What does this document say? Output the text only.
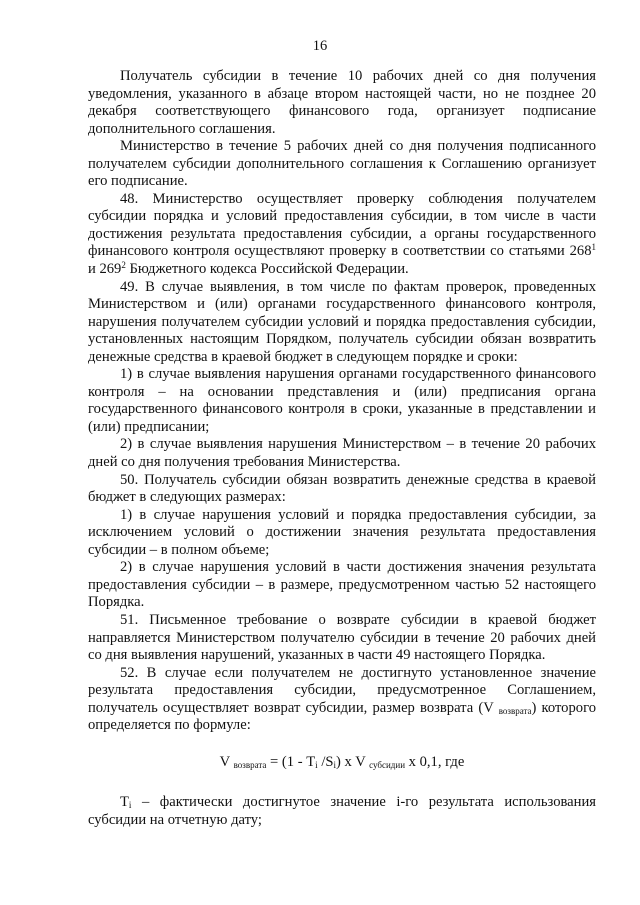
16

Получатель субсидии в течение 10 рабочих дней со дня получения уведомления, указанного в абзаце втором настоящей части, но не позднее 20 декабря соответствующего финансового года, организует подписание дополнительного соглашения.

Министерство в течение 5 рабочих дней со дня получения подписанного получателем субсидии дополнительного соглашения к Соглашению организует его подписание.

48. Министерство осуществляет проверку соблюдения получателем субсидии порядка и условий предоставления субсидии, в том числе в части достижения результата предоставления субсидии, а органы государственного финансового контроля осуществляют проверку в соответствии со статьями $268^1$ и $269^2$ Бюджетного кодекса Российской Федерации.

49. В случае выявления, в том числе по фактам проверок, проведенных Министерством и (или) органами государственного финансового контроля, нарушения получателем субсидии условий и порядка предоставления субсидии, установленных настоящим Порядком, получатель субсидии обязан возвратить денежные средства в краевой бюджет в следующем порядке и сроки:

1) в случае выявления нарушения органами государственного финансового контроля – на основании представления и (или) предписания органа государственного финансового контроля в сроки, указанные в представлении и (или) предписании;

2) в случае выявления нарушения Министерством – в течение 20 рабочих дней со дня получения требования Министерства.

50. Получатель субсидии обязан возвратить денежные средства в краевой бюджет в следующих размерах:

1) в случае нарушения условий и порядка предоставления субсидии, за исключением условий о достижении значения результата предоставления субсидии – в полном объеме;

2) в случае нарушения условий в части достижения значения результата предоставления субсидии – в размере, предусмотренном частью 52 настоящего Порядка.

51. Письменное требование о возврате субсидии в краевой бюджет направляется Министерством получателю субсидии в течение 20 рабочих дней со дня выявления нарушений, указанных в части 49 настоящего Порядка.

52. В случае если получателем не достигнуто установленное значение результата предоставления субсидии, предусмотренное Соглашением, получатель осуществляет возврат субсидии, размер возврата (V $_{возврата}$) которого определяется по формуле:

V $_{возврата} = (1 - T_i$ $/S_i$) x V $_{субсидии}$ x 0,1, где

$T_i$ – фактически достигнутое значение i-го результата использования субсидии на отчетную дату;
